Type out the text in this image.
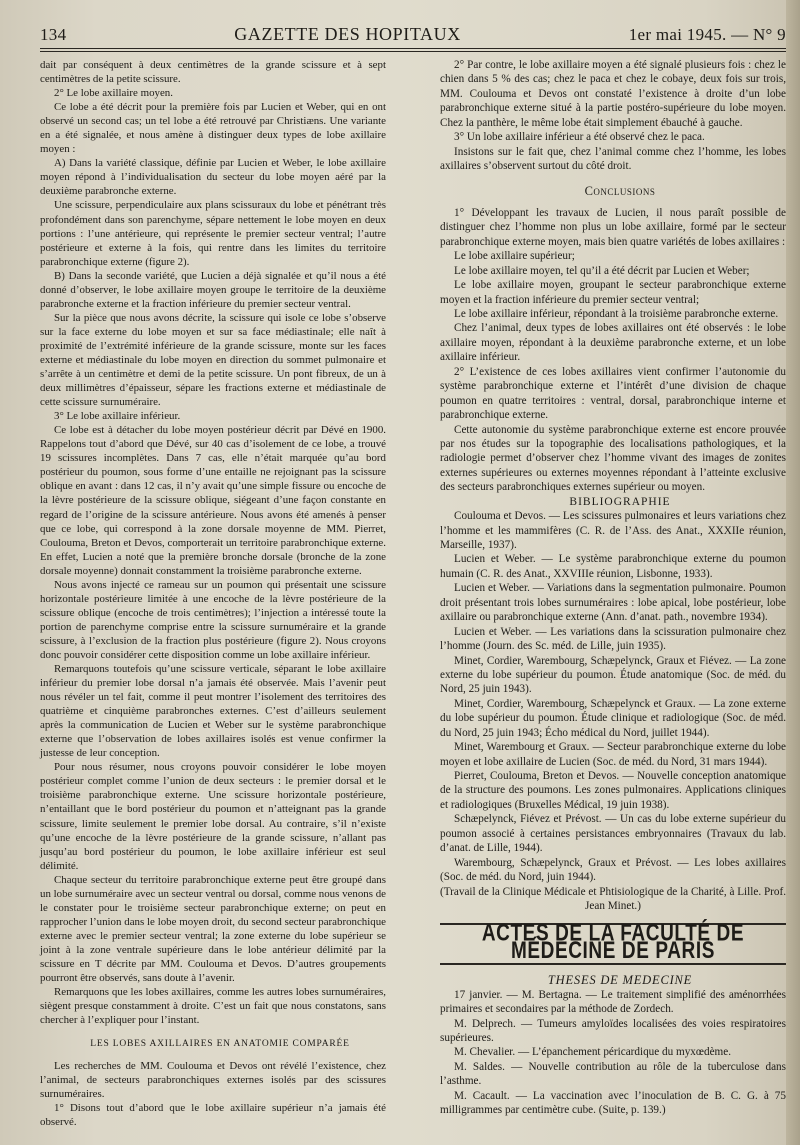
134	GAZETTE DES HOPITAUX	1er mai 1945. — N° 9

dait par conséquent à deux centimètres de la grande scissure et à sept centimètres de la petite scissure.

2° Le lobe axillaire moyen.

Ce lobe a été décrit pour la première fois par Lucien et Weber, qui en ont observé un second cas; un tel lobe a été retrouvé par Christiæns. Une variante en a été signalée, et nous amène à distinguer deux types de lobe axillaire moyen :

A) Dans la variété classique, définie par Lucien et Weber, le lobe axillaire moyen répond à l’individualisation du secteur du lobe moyen aéré par la deuxième parabronche externe.

Une scissure, perpendiculaire aux plans scissuraux du lobe et pénétrant très profondément dans son parenchyme, sépare nettement le lobe moyen en deux portions : l’une antérieure, qui représente le premier secteur ventral; l’autre postérieure et externe à la fois, qui rentre dans les limites du territoire parabronchique externe (figure 2).

B) Dans la seconde variété, que Lucien a déjà signalée et qu’il nous a été donné d’observer, le lobe axillaire moyen groupe le territoire de la deuxième parabronche externe et la fraction inférieure du premier secteur ventral.

Sur la pièce que nous avons décrite, la scissure qui isole ce lobe s’observe sur la face externe du lobe moyen et sur sa face médiastinale; elle naît à proximité de l’extrémité inférieure de la grande scissure, monte sur les faces externe et médiastinale du lobe moyen en direction du sommet pulmonaire et s’arrête à un centimètre et demi de la petite scissure. Un pont fibreux, de un à deux millimètres d’épaisseur, sépare les fractions externe et médiastinale de cette scissure surnuméraire.

3° Le lobe axillaire inférieur.

Ce lobe est à détacher du lobe moyen postérieur décrit par Dévé en 1900. Rappelons tout d’abord que Dévé, sur 40 cas d’isolement de ce lobe, a trouvé 19 scissures incomplètes. Dans 7 cas, elle n’était marquée qu’au bord postérieur du poumon, sous forme d’une entaille ne rejoignant pas la scissure oblique en avant : dans 12 cas, il n’y avait qu’une simple fissure ou encoche de la lèvre postérieure de la scissure oblique, siégeant d’une façon constante en regard de l’origine de la scissure antérieure. Nous avons été amenés à penser que ce lobe, qui correspond à la zone dorsale moyenne de MM. Pierret, Coulouma, Breton et Devos, comporterait un territoire parabronchique externe. En effet, Lucien a noté que la première bronche dorsale (bronche de la zone dorsale moyenne) donnait constamment la troisième parabronche externe.

Nous avons injecté ce rameau sur un poumon qui présentait une scissure horizontale postérieure limitée à une encoche de la lèvre postérieure de la scissure oblique (encoche de trois centimètres); l’injection a intéressé toute la portion de parenchyme comprise entre la scissure surnuméraire et la grande scissure, à l’exclusion de la fraction plus postérieure (figure 2). Nous croyons donc pouvoir considérer cette disposition comme un lobe axillaire inférieur.

Remarquons toutefois qu’une scissure verticale, séparant le lobe axillaire inférieur du premier lobe dorsal n’a jamais été observée. Mais l’avenir peut nous révéler un tel fait, comme il peut montrer l’isolement des territoires des quatrième et cinquième parabronches externes. C’est d’ailleurs seulement après la communication de Lucien et Weber sur le système parabronchique externe que l’observation de lobes axillaires isolés est venue confirmer la justesse de leur conception.

Pour nous résumer, nous croyons pouvoir considérer le lobe moyen postérieur complet comme l’union de deux secteurs : le premier dorsal et le troisième parabronchique externe. Une scissure horizontale postérieure, n’entaillant que le bord postérieur du poumon et n’atteignant pas la grande scissure, limite seulement le premier lobe dorsal. Au contraire, s’il n’existe qu’une encoche de la lèvre postérieure de la grande scissure, n’allant pas jusqu’au bord postérieur du poumon, le lobe axillaire inférieur est seul délimité.

Chaque secteur du territoire parabronchique externe peut être groupé dans un lobe surnuméraire avec un secteur ventral ou dorsal, comme nous venons de le constater pour le troisième secteur parabronchique externe; on peut en rapprocher l’union dans le lobe moyen droit, du second secteur parabronchique externe avec le premier secteur ventral; la zone externe du lobe supérieur se joint à la zone ventrale supérieure dans le lobe antérieur délimité par la scissure en T décrite par MM. Coulouma et Devos. D’autres groupements pourront être observés, sans doute à l’avenir.

Remarquons que les lobes axillaires, comme les autres lobes surnuméraires, siègent presque constamment à droite. C’est un fait que nous constatons, sans chercher à l’expliquer pour l’instant.

LES LOBES AXILLAIRES EN ANATOMIE COMPARÉE

Les recherches de MM. Coulouma et Devos ont révélé l’existence, chez l’animal, de secteurs parabronchiques externes isolés par des scissures surnuméraires.

1° Disons tout d’abord que le lobe axillaire supérieur n’a jamais été observé.

2° Par contre, le lobe axillaire moyen a été signalé plusieurs fois : chez le chien dans 5 % des cas; chez le paca et chez le cobaye, deux fois sur trois, MM. Coulouma et Devos ont constaté l’existence à droite d’un lobe parabronchique externe situé à la partie postéro-supérieure du lobe moyen. Chez la panthère, le même lobe était simplement ébauché à gauche.

3° Un lobe axillaire inférieur a été observé chez le paca.

Insistons sur le fait que, chez l’animal comme chez l’homme, les lobes axillaires s’observent surtout du côté droit.

Conclusions

1° Développant les travaux de Lucien, il nous paraît possible de distinguer chez l’homme non plus un lobe axillaire, formé par le secteur parabronchique externe moyen, mais bien quatre variétés de lobes axillaires :

Le lobe axillaire supérieur;

Le lobe axillaire moyen, tel qu’il a été décrit par Lucien et Weber;

Le lobe axillaire moyen, groupant le secteur parabronchique externe moyen et la fraction inférieure du premier secteur ventral;

Le lobe axillaire inférieur, répondant à la troisième parabronche externe.

Chez l’animal, deux types de lobes axillaires ont été observés : le lobe axillaire moyen, répondant à la deuxième parabronche externe, et un lobe axillaire inférieur.

2° L’existence de ces lobes axillaires vient confirmer l’autonomie du système parabronchique externe et l’intérêt d’une division de chaque poumon en quatre territoires : ventral, dorsal, parabronchique interne et parabronchique externe.

Cette autonomie du système parabronchique externe est encore prouvée par nos études sur la topographie des localisations pathologiques, et la radiologie permet d’observer chez l’homme vivant des images de zonites externes supérieures ou externes moyennes répondant à l’atteinte exclusive des secteurs parabronchiques externes supérieur ou moyen.

BIBLIOGRAPHIE

Coulouma et Devos. — Les scissures pulmonaires et leurs variations chez l’homme et les mammifères (C. R. de l’Ass. des Anat., XXXIIe réunion, Marseille, 1937).

Lucien et Weber. — Le système parabronchique externe du poumon humain (C. R. des Anat., XXVIIIe réunion, Lisbonne, 1933).

Lucien et Weber. — Variations dans la segmentation pulmonaire. Poumon droit présentant trois lobes surnuméraires : lobe apical, lobe postérieur, lobe axillaire ou parabronchique externe (Ann. d’anat. path., novembre 1934).

Lucien et Weber. — Les variations dans la scissuration pulmonaire chez l’homme (Journ. des Sc. méd. de Lille, juin 1935).

Minet, Cordier, Warembourg, Schæpelynck, Graux et Fiévez. — La zone externe du lobe supérieur du poumon. Étude anatomique (Soc. de méd. du Nord, 25 juin 1943).

Minet, Cordier, Warembourg, Schæpelynck et Graux. — La zone externe du lobe supérieur du poumon. Étude clinique et radiologique (Soc. de méd. du Nord, 25 juin 1943; Écho médical du Nord, juillet 1944).

Minet, Warembourg et Graux. — Secteur parabronchique externe du lobe moyen et lobe axillaire de Lucien (Soc. de méd. du Nord, 31 mars 1944).

Pierret, Coulouma, Breton et Devos. — Nouvelle conception anatomique de la structure des poumons. Les zones pulmonaires. Applications cliniques et radiologiques (Bruxelles Médical, 19 juin 1938).

Schæpelynck, Fiévez et Prévost. — Un cas du lobe externe supérieur du poumon associé à certaines persistances embryonnaires (Travaux du lab. d’anat. de Lille, 1944).

Warembourg, Schæpelynck, Graux et Prévost. — Les lobes axillaires (Soc. de méd. du Nord, juin 1944).

(Travail de la Clinique Médicale et Phtisiologique de la Charité, à Lille. Prof. Jean Minet.)

ACTES DE LA FACULTÉ DE MÉDECINE DE PARIS

THESES DE MEDECINE

17 janvier. — M. Bertagna. — Le traitement simplifié des aménorrhées primaires et secondaires par la méthode de Zordech.

M. Delprech. — Tumeurs amyloïdes localisées des voies respiratoires supérieures.

M. Chevalier. — L’épanchement péricardique du myxœdème.

M. Saldes. — Nouvelle contribution au rôle de la tuberculose dans l’asthme.

M. Cacault. — La vaccination avec l’inoculation de B. C. G. à 75 milligrammes par centimètre cube. (Suite, p. 139.)
